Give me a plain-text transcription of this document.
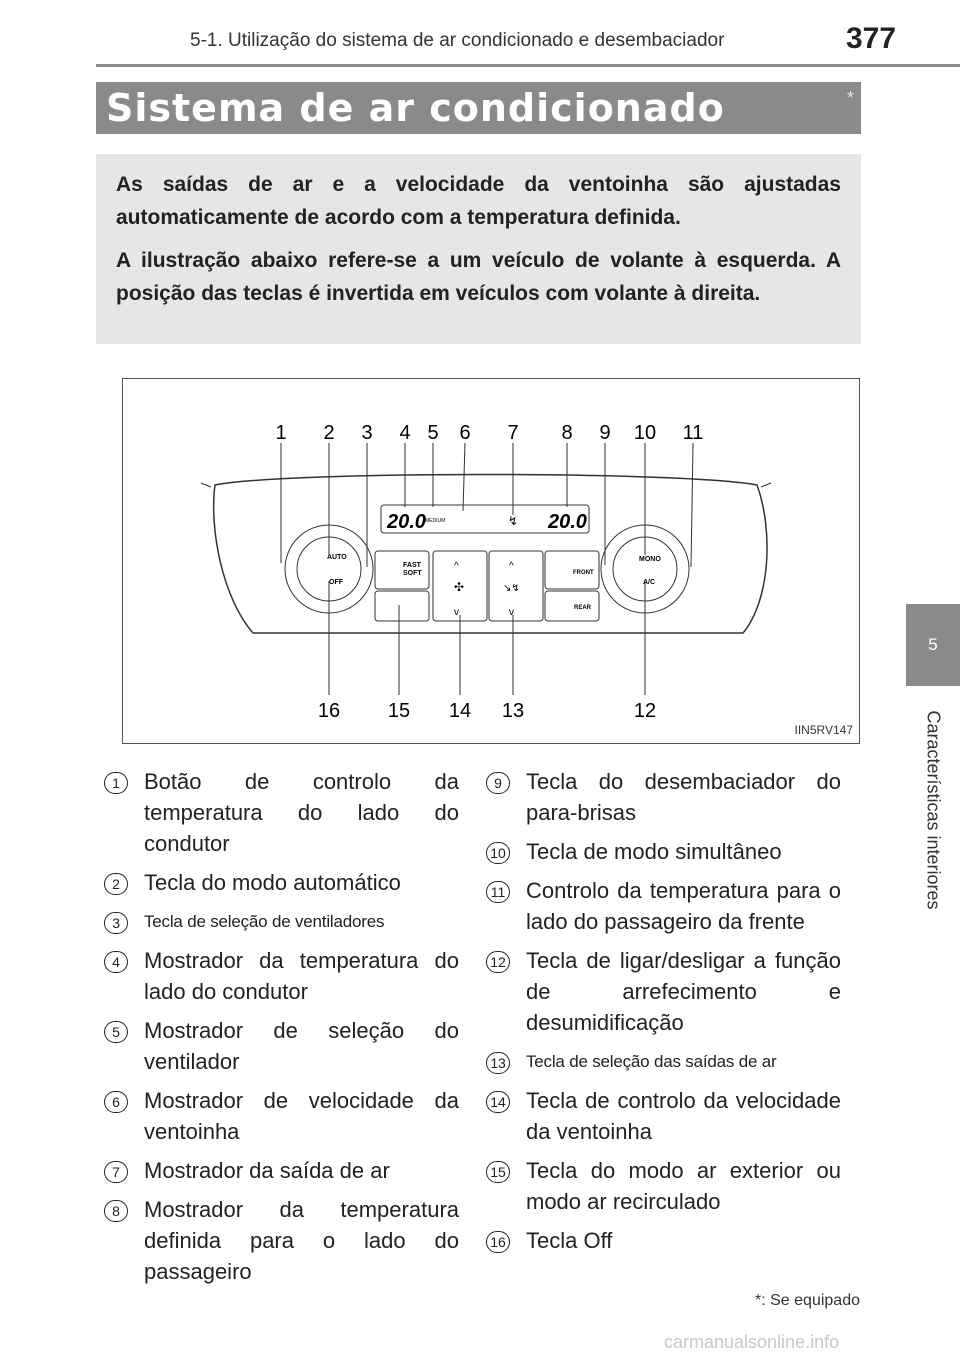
5-1. Utilização do sistema de ar condicionado e desembaciador	377
Sistema de ar condicionado	*

As saídas de ar e a velocidade da ventoinha são ajustadas automaticamente de acordo com a temperatura definida.

A ilustração abaixo refere-se a um veículo de volante à esquerda. A posição das teclas é invertida em veículos com volante à direita.

5
Características interiores
20.0 MEDIUM	20.0
↯
AUTO
OFF
MONO
A/C
FAST
SOFT
^
✣
v
^
↘↯
v
FRONT
REAR
1 2 3 4 5 6 7 8 9 10 11
16 15 14 13	12
IIN5RV147
1	Botão de controlo da temperatura do lado do condutor
2	Tecla do modo automático
3	Tecla de seleção de ventiladores
4	Mostrador da temperatura do lado do condutor
5	Mostrador de seleção do ventilador
6	Mostrador de velocidade da ventoinha
7	Mostrador da saída de ar
8	Mostrador da temperatura definida para o lado do passageiro
9	Tecla do desembaciador do para-brisas
10 Tecla de modo simultâneo
11 Controlo da temperatura para o lado do passageiro da frente
12 Tecla de ligar/desligar a função de arrefecimento e desumidificação
13 Tecla de seleção das saídas de ar
14 Tecla de controlo da velocidade da ventoinha
15 Tecla do modo ar exterior ou modo ar recirculado
16 Tecla Off
*: Se equipado
carmanualsonline.info
